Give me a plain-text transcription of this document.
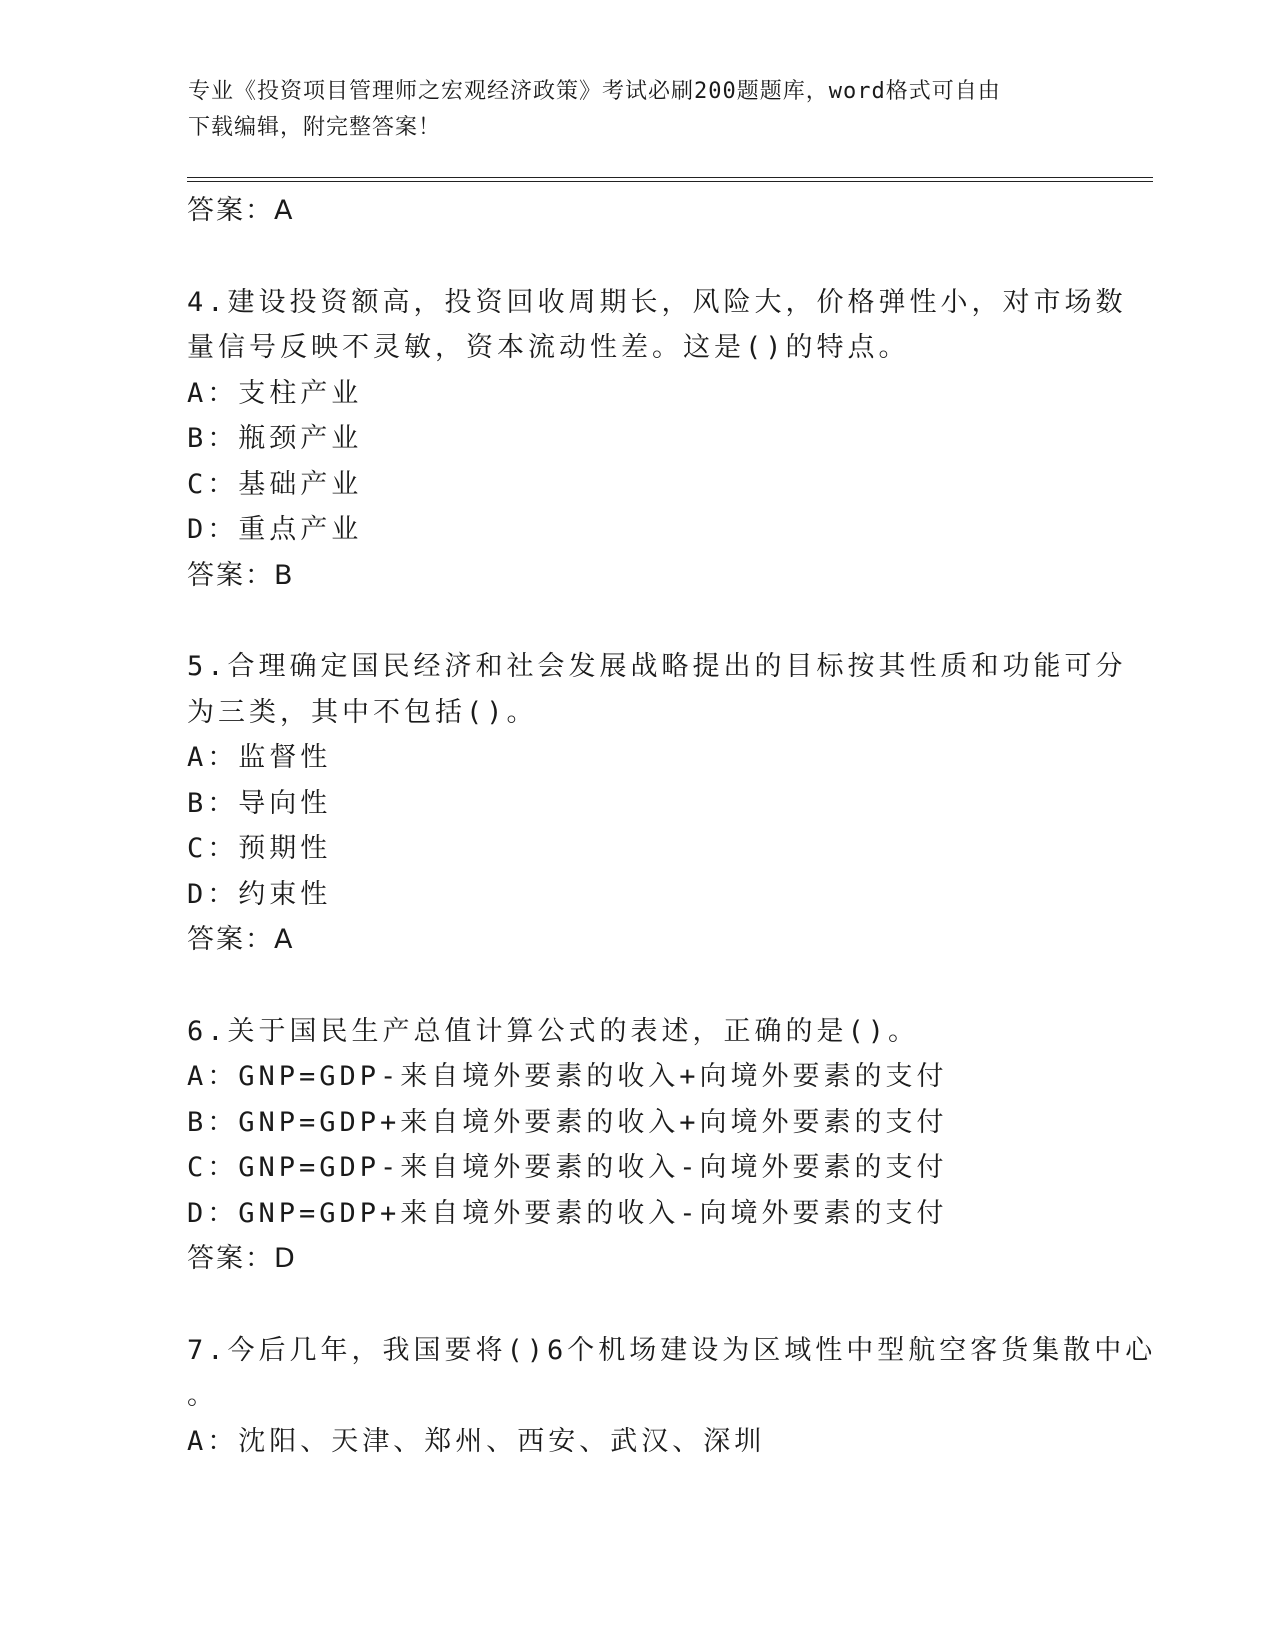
专业《投资项目管理师之宏观经济政策》考试必刷200题题库，word格式可自由
下载编辑，附完整答案！
答案：A
4.建设投资额高，投资回收周期长，风险大，价格弹性小，对市场数
量信号反映不灵敏，资本流动性差。这是()的特点。
A：支柱产业
B：瓶颈产业
C：基础产业
D：重点产业
答案：B
5.合理确定国民经济和社会发展战略提出的目标按其性质和功能可分
为三类，其中不包括()。
A：监督性
B：导向性
C：预期性
D：约束性
答案：A
6.关于国民生产总值计算公式的表述，正确的是()。
A：GNP=GDP-来自境外要素的收入+向境外要素的支付
B：GNP=GDP+来自境外要素的收入+向境外要素的支付
C：GNP=GDP-来自境外要素的收入-向境外要素的支付
D：GNP=GDP+来自境外要素的收入-向境外要素的支付
答案：D
7.今后几年，我国要将()6个机场建设为区域性中型航空客货集散中心
。
A：沈阳、天津、郑州、西安、武汉、深圳
